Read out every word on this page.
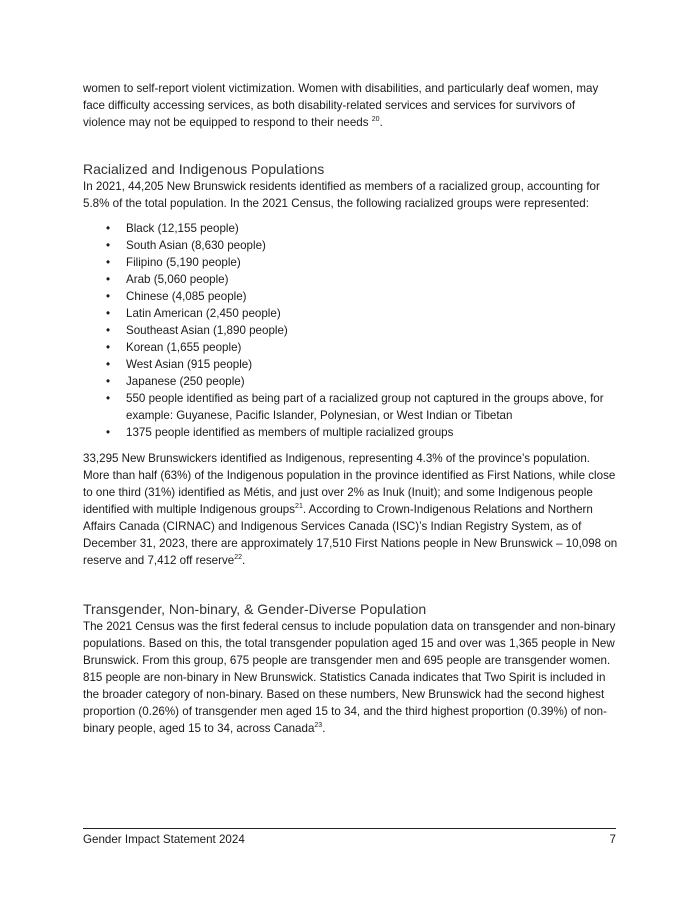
women to self-report violent victimization. Women with disabilities, and particularly deaf women, may face difficulty accessing services, as both disability-related services and services for survivors of violence may not be equipped to respond to their needs $^{20}$.

Racialized and Indigenous Populations

In 2021, 44,205 New Brunswick residents identified as members of a racialized group, accounting for 5.8% of the total population. In the 2021 Census, the following racialized groups were represented:

• Black (12,155 people)
• South Asian (8,630 people)
• Filipino (5,190 people)
• Arab (5,060 people)
• Chinese (4,085 people)
• Latin American (2,450 people)
• Southeast Asian (1,890 people)
• Korean (1,655 people)
• West Asian (915 people)
• Japanese (250 people)
• 550 people identified as being part of a racialized group not captured in the groups above, for example: Guyanese, Pacific Islander, Polynesian, or West Indian or Tibetan
• 1375 people identified as members of multiple racialized groups

33,295 New Brunswickers identified as Indigenous, representing 4.3% of the province’s population. More than half (63%) of the Indigenous population in the province identified as First Nations, while close to one third (31%) identified as Métis, and just over 2% as Inuk (Inuit); and some Indigenous people identified with multiple Indigenous groups$^{21}$. According to Crown-Indigenous Relations and Northern Affairs Canada (CIRNAC) and Indigenous Services Canada (ISC)’s Indian Registry System, as of December 31, 2023, there are approximately 17,510 First Nations people in New Brunswick – 10,098 on reserve and 7,412 off reserve$^{22}$.

Transgender, Non-binary, & Gender-Diverse Population

The 2021 Census was the first federal census to include population data on transgender and non-binary populations. Based on this, the total transgender population aged 15 and over was 1,365 people in New Brunswick. From this group, 675 people are transgender men and 695 people are transgender women. 815 people are non-binary in New Brunswick. Statistics Canada indicates that Two Spirit is included in the broader category of non-binary. Based on these numbers, New Brunswick had the second highest proportion (0.26%) of transgender men aged 15 to 34, and the third highest proportion (0.39%) of non-binary people, aged 15 to 34, across Canada$^{23}$.

Gender Impact Statement 2024	7
